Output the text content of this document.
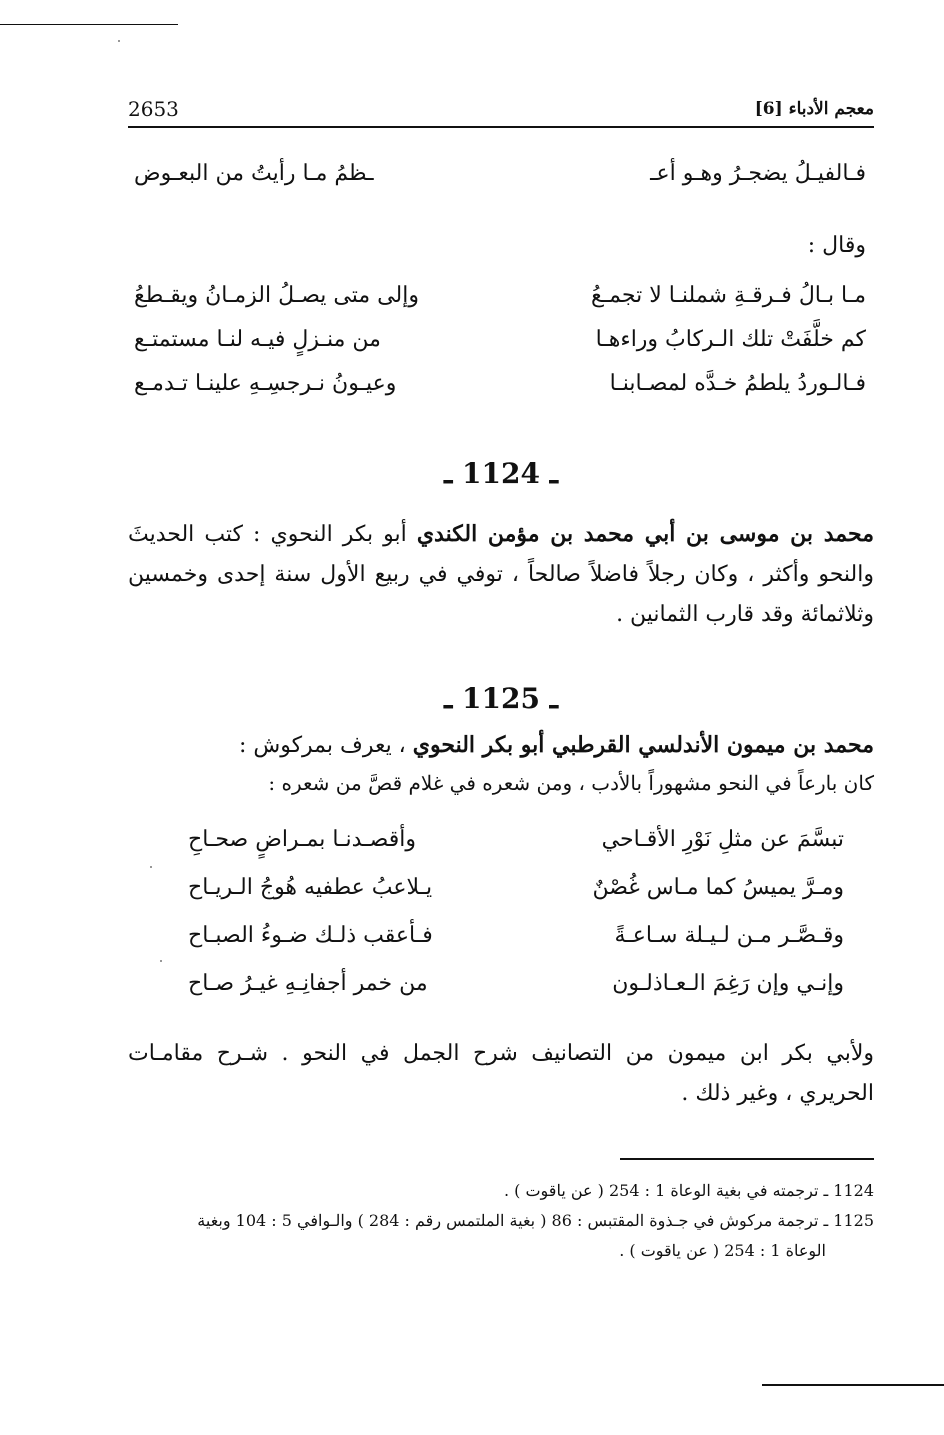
2653	معجم الأدباء [6]
فـالفيـلُ يضجـرُ وهـو أعـ
ـظمُ مـا رأيتُ من البعـوض
وقال :
مـا بـالُ فـرقـةِ شملنـا لا تجمـعُ
وإلى متى يصـلُ الزمـانُ ويقـطعُ
كم خلَّفَتْ تلك الـركابُ وراءهـا
من منـزلٍ فيـه لنـا مستمتـع
فـالـوردُ يلطمُ خـدَّه لمصـابنـا
وعيـونُ نـرجسِـهِ علينـا تـدمـع
ـ 1124 ـ

محمد بن موسى بن أبي محمد بن مؤمن الكندي أبو بكر النحوي : كتب الحديثَ والنحو وأكثر ، وكان رجلاً فاضلاً صالحاً ، توفي في ربيع الأول سنة إحدى وخمسين وثلاثمائة وقد قارب الثمانين .

ـ 1125 ـ

محمد بن ميمون الأندلسي القرطبي أبو بكر النحوي ، يعرف بمركوش :

كان بارعاً في النحو مشهوراً بالأدب ، ومن شعره في غلام قصَّ من شعره :

تبسَّمَ عن مثلِ نَوْرِ الأقـاحي
وأقصـدنـا بمـراضٍ صحـاحِ
ومـرَّ يميسُ كما مـاس غُصْنٌ
يـلاعبُ عطفيه هُوجُ الـريـاح
وقـصَّـر مـن لـيـلة سـاعـةً
فـأعقب ذلـك ضـوءُ الصبـاح
وإنـي وإن رَغِمَ الـعـاذلـون
من خمر أجفانِـهِ غيـرُ صـاح

ولأبي بكر ابن ميمون من التصانيف شرح الجمل في النحو . شـرح مقامـات الحريري ، وغير ذلك .

1124 ـ ترجمته في بغية الوعاة 1 : 254 ( عن ياقوت ) .
1125 ـ ترجمة مركوش في جـذوة المقتبس : 86 ( بغية الملتمس رقم : 284 ) والـوافي 5 : 104 وبغية
الوعاة 1 : 254 ( عن ياقوت ) .
